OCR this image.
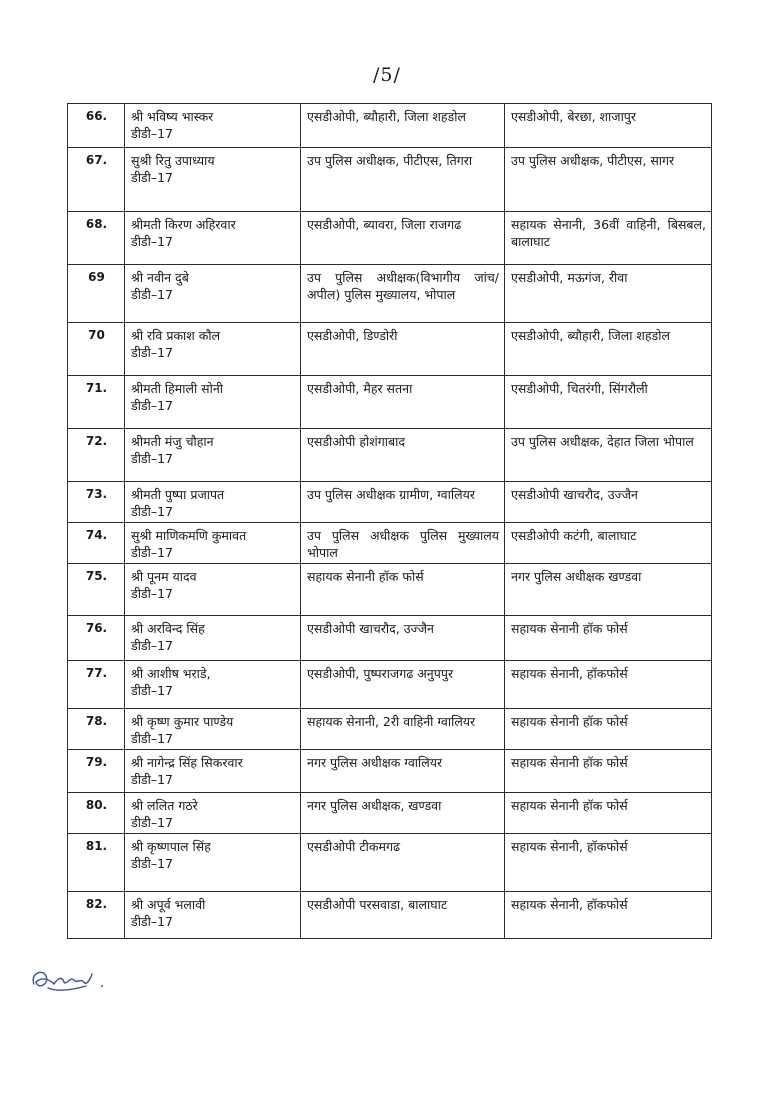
/5/
66.	श्री भविष्य भास्कर
डीडी–17	एसडीओपी, ब्यौहारी, जिला शहडोल	एसडीओपी, बेरछा, शाजापुर
67.	सुश्री रितु उपाध्याय
डीडी–17	उप पुलिस अधीक्षक, पीटीएस, तिगरा	उप पुलिस अधीक्षक, पीटीएस, सागर
68.	श्रीमती किरण अहिरवार
डीडी–17	एसडीओपी, ब्यावरा, जिला राजगढ	सहायक सेनानी, 36वीं वाहिनी, बिसबल, बालाघाट
69	श्री नवीन दुबे
डीडी–17	उप पुलिस अधीक्षक(विभागीय जांच/अपील) पुलिस मुख्यालय, भोपाल	एसडीओपी, मऊगंज, रीवा
70	श्री रवि प्रकाश कौल
डीडी–17	एसडीओपी, डिण्डोरी	एसडीओपी, ब्यौहारी, जिला शहडोल
71.	श्रीमती हिमाली सोनी
डीडी–17	एसडीओपी, मैहर सतना	एसडीओपी, चितरंगी, सिंगरौली
72.	श्रीमती मंजु चौहान
डीडी–17	एसडीओपी होशंगाबाद	उप पुलिस अधीक्षक, देहात जिला भोपाल
73.	श्रीमती पुष्पा प्रजापत
डीडी–17	उप पुलिस अधीक्षक ग्रामीण, ग्वालियर	एसडीओपी खाचरौद, उज्जैन
74.	सुश्री माणिकमणि कुमावत
डीडी–17	उप पुलिस अधीक्षक पुलिस मुख्यालय भोपाल	एसडीओपी कटंगी, बालाघाट
75.	श्री पूनम यादव
डीडी–17	सहायक सेनानी हॉक फोर्स	नगर पुलिस अधीक्षक खण्डवा
76.	श्री अरविन्द सिंह
डीडी–17	एसडीओपी खाचरौद, उज्जैन	सहायक सेनानी हॉक फोर्स
77.	श्री आशीष भराडे,
डीडी–17	एसडीओपी, पुष्पराजगढ अनुपपुर	सहायक सेनानी, हॉकफोर्स
78.	श्री कृष्ण कुमार पाण्डेय
डीडी–17	सहायक सेनानी, 2री वाहिनी ग्वालियर	सहायक सेनानी हॉक फोर्स
79.	श्री नागेन्द्र सिंह सिकरवार
डीडी–17	नगर पुलिस अधीक्षक ग्वालियर	सहायक सेनानी हॉक फोर्स
80.	श्री ललित गठरे
डीडी–17	नगर पुलिस अधीक्षक, खण्डवा	सहायक सेनानी हॉक फोर्स
81.	श्री कृष्णपाल सिंह
डीडी–17	एसडीओपी टीकमगढ	सहायक सेनानी, हॉकफोर्स
82.	श्री अपूर्व भलावी
डीडी–17	एसडीओपी परसवाडा, बालाघाट	सहायक सेनानी, हॉकफोर्स
